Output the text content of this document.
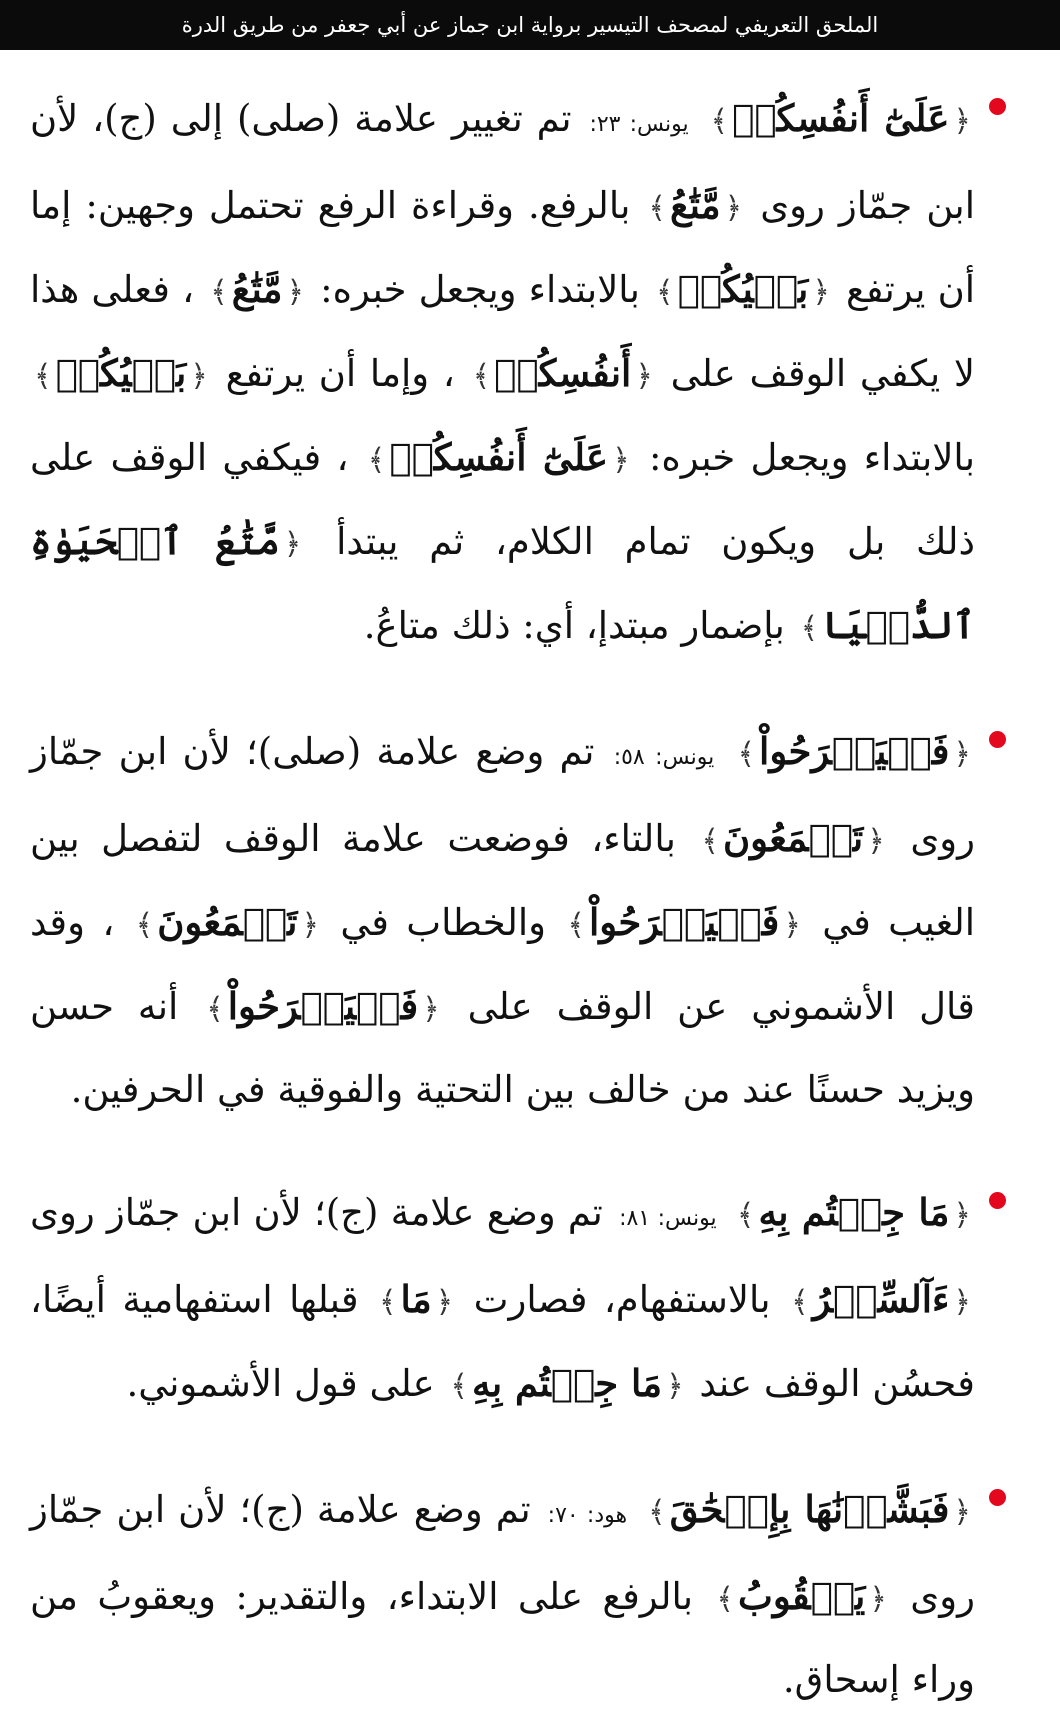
الملحق التعريفي لمصحف التيسير برواية ابن جماز عن أبي جعفر من طريق الدرة
﴿عَلَىٰٓ أَنفُسِكُمۖ﴾ يونس: ٢٣: تم تغيير علامة (صلى) إلى (ج)، لأن ابن جمّاز روى ﴿مَّتَٰعُ﴾ بالرفع. وقراءة الرفع تحتمل وجهين: إما أن يرتفع ﴿بَغۡيُكُمۡ﴾ بالابتداء ويجعل خبره: ﴿مَّتَٰعُ﴾ ، فعلى هذا لا يكفي الوقف على ﴿أَنفُسِكُمۖ﴾ ، وإما أن يرتفع ﴿بَغۡيُكُمۡ﴾ بالابتداء ويجعل خبره: ﴿عَلَىٰٓ أَنفُسِكُمۖ﴾ ، فيكفي الوقف على ذلك بل ويكون تمام الكلام، ثم يبتدأ ﴿مَّتَٰعُ ٱلۡحَيَوٰةِ ٱلدُّنۡيَا﴾ بإضمار مبتدإ، أي: ذلك متاعُ.
﴿فَلۡيَفۡرَحُواْ﴾ يونس: ٥٨: تم وضع علامة (صلى)؛ لأن ابن جمّاز روى ﴿تَجۡمَعُونَ﴾ بالتاء، فوضعت علامة الوقف لتفصل بين الغيب في ﴿فَلۡيَفۡرَحُواْ﴾ والخطاب في ﴿تَجۡمَعُونَ﴾ ، وقد قال الأشموني عن الوقف على ﴿فَلۡيَفۡرَحُواْ﴾ أنه حسن ويزيد حسنًا عند من خالف بين التحتية والفوقية في الحرفين.
﴿مَا جِئۡتُم بِهِ﴾ يونس: ٨١: تم وضع علامة (ج)؛ لأن ابن جمّاز روى ﴿ءَآلسِّحۡرُ﴾ بالاستفهام، فصارت ﴿مَا﴾ قبلها استفهامية أيضًا، فحسُن الوقف عند ﴿مَا جِئۡتُم بِهِ﴾ على قول الأشموني.
﴿فَبَشَّرۡنَٰهَا بِإِسۡحَٰقَ﴾ هود: ٧٠: تم وضع علامة (ج)؛ لأن ابن جمّاز روى ﴿يَعۡقُوبُ﴾ بالرفع على الابتداء، والتقدير: ويعقوبُ من وراء إسحاق.
